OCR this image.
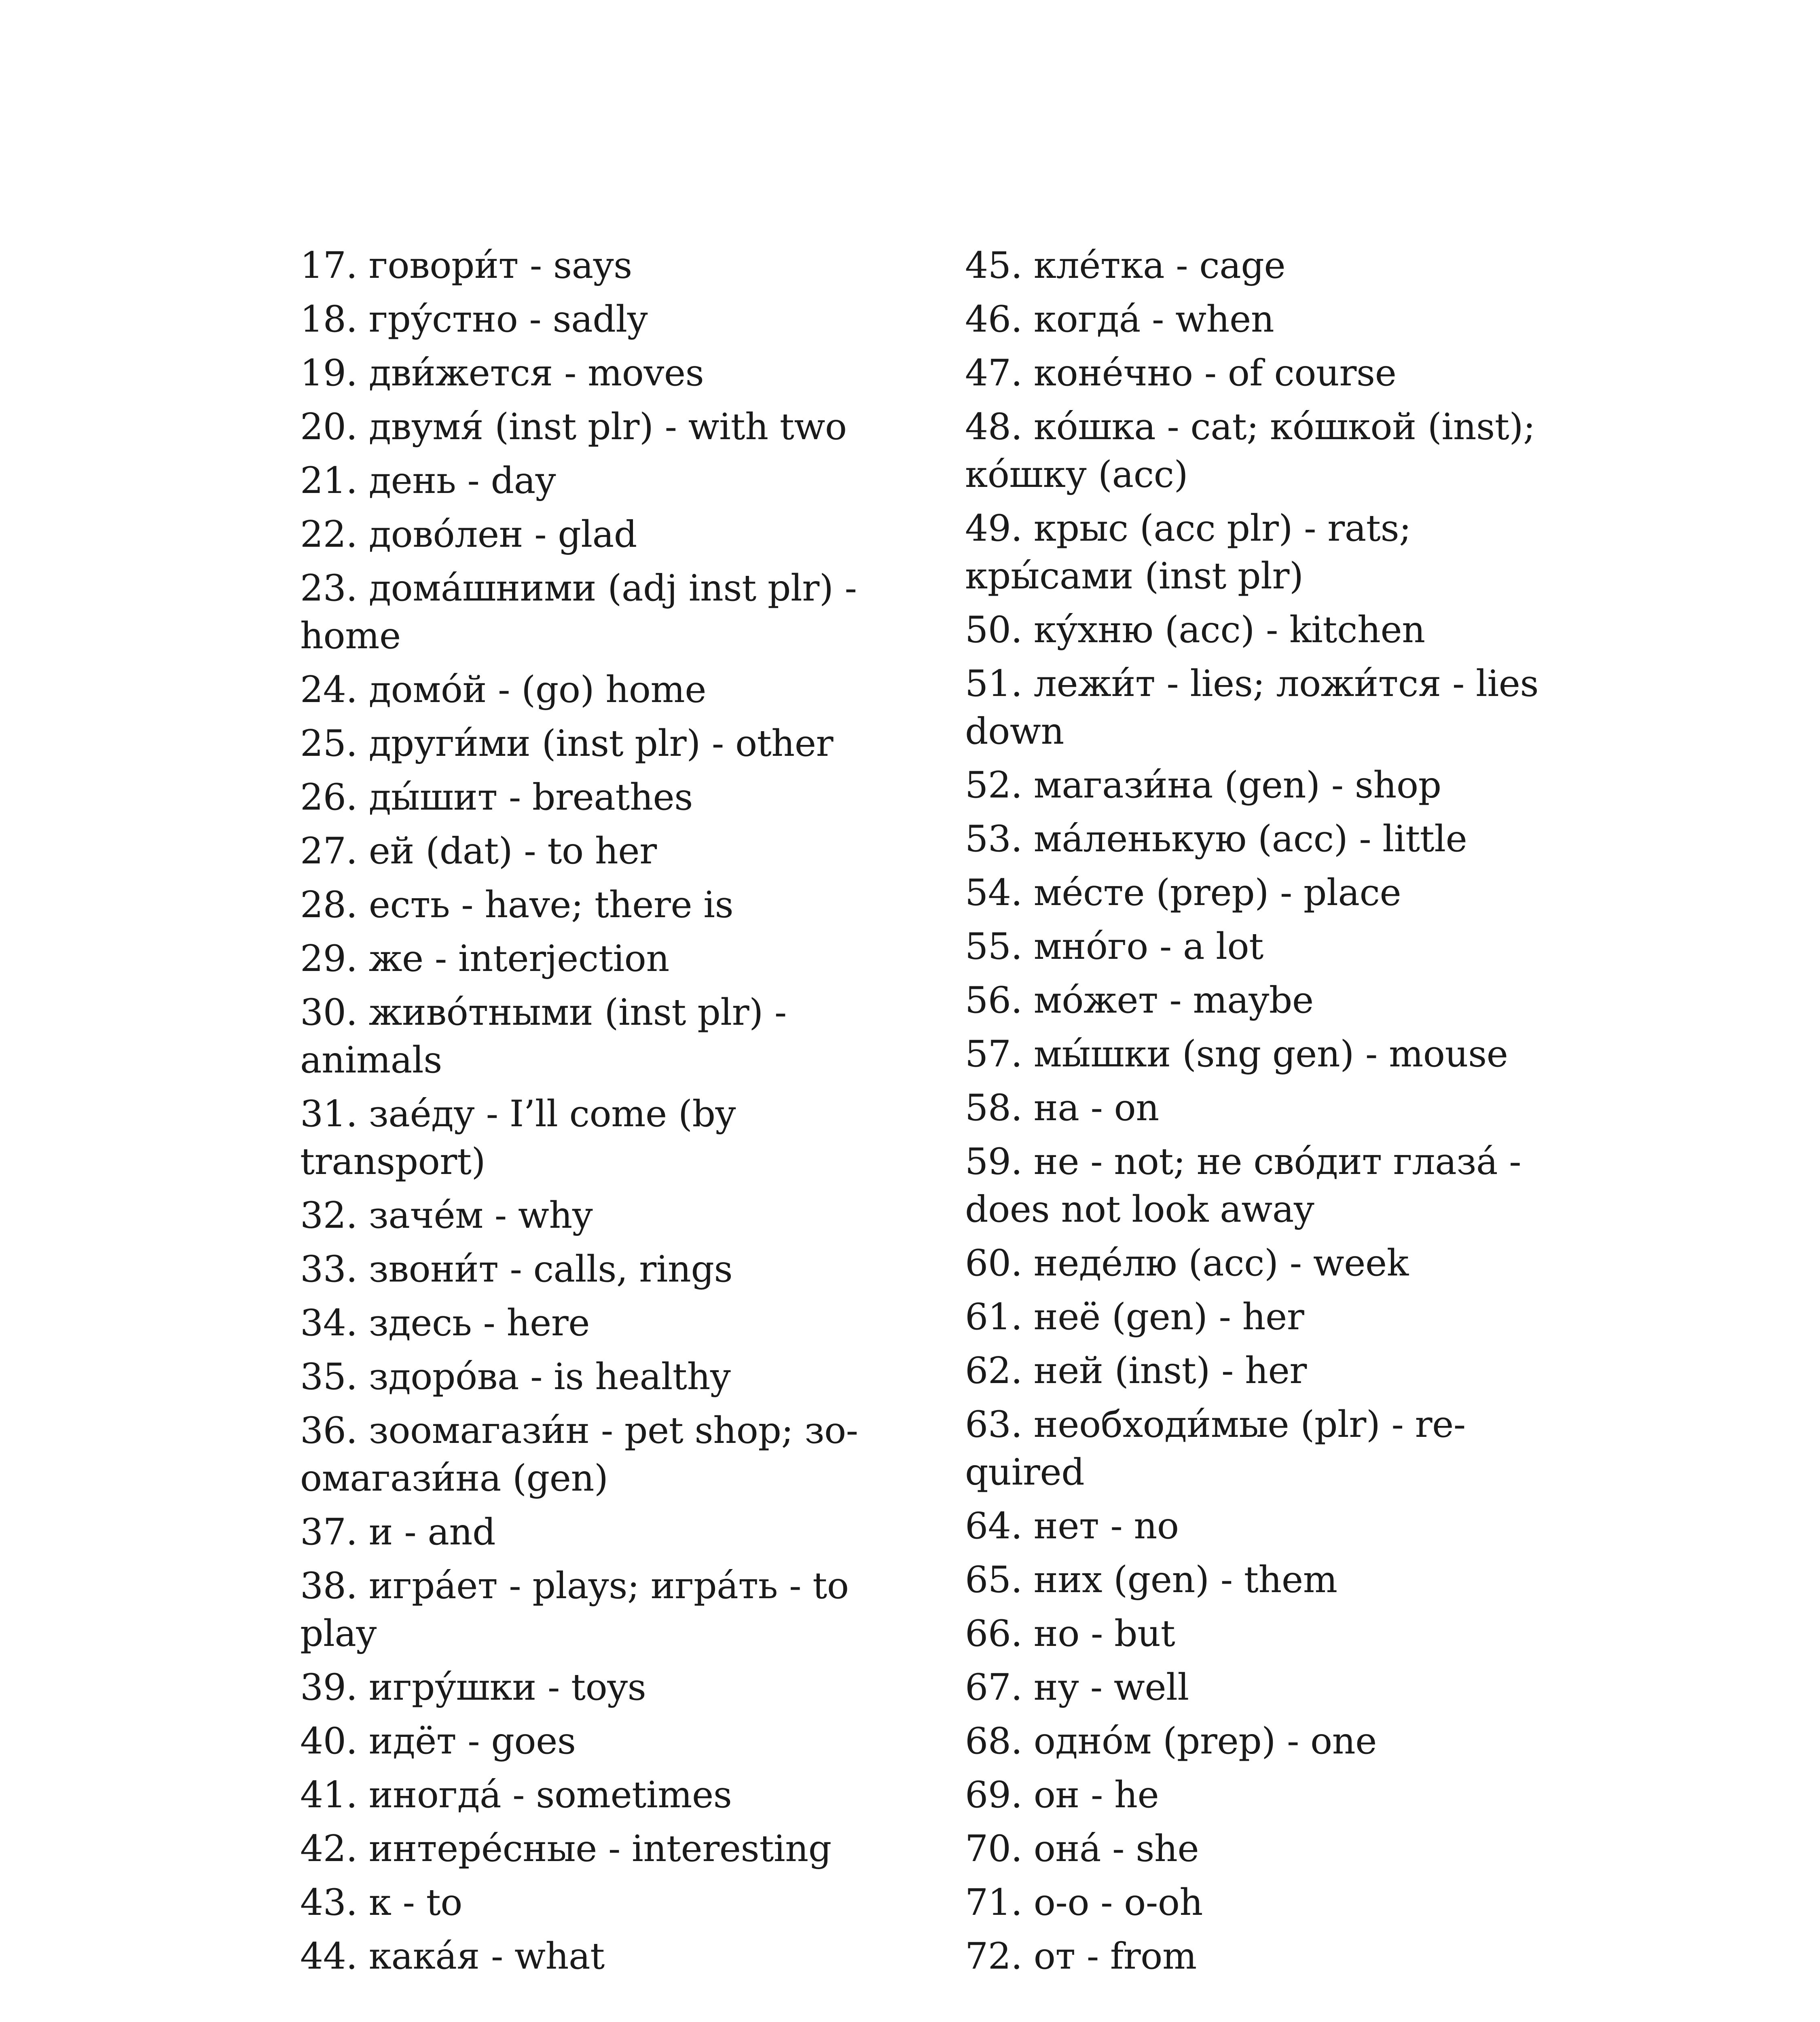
17. говори́т - says

18. гру́стно - sadly

19. дви́жется - moves

20. двумя́ (inst plr) - with two

21. день - day

22. дово́лен - glad

23. дома́шними (adj inst plr) - home

24. домо́й - (go) home

25. други́ми (inst plr) - other

26. ды́шит - breathes

27. ей (dat) - to her

28. есть - have; there is

29. же - interjection

30. живо́тными (inst plr) - animals

31. зае́ду - I’ll come (by transport)

32. заче́м - why

33. звони́т - calls, rings

34. здесь - here

35. здоро́ва - is healthy

36. зоомагази́н - pet shop; зо-омагази́на (gen)

37. и - and

38. игра́ет - plays; игра́ть - to play

39. игру́шки - toys

40. идёт - goes

41. иногда́ - sometimes

42. интере́сные - interesting

43. к - to

44. кака́я - what

45. кле́тка - cage

46. когда́ - when

47. коне́чно - of course

48. ко́шка - cat; ко́шкой (inst); ко́шку (acc)

49. крыс (acc plr) - rats; кры́сами (inst plr)

50. ку́хню (acc) - kitchen

51. лежи́т - lies; ложи́тся - lies down

52. магази́на (gen) - shop

53. ма́ленькую (acc) - little

54. ме́сте (prep) - place

55. мно́го - a lot

56. мо́жет - maybe

57. мы́шки (sng gen) - mouse

58. на - on

59. не - not; не сво́дит глаза́ - does not look away

60. неде́лю (acc) - week

61. неё (gen) - her

62. ней (inst) - her

63. необходи́мые (plr) - re-quired

64. нет - no

65. них (gen) - them

66. но - but

67. ну - well

68. одно́м (prep) - one

69. он - he

70. она́ - she

71. о-о - о-oh

72. от - from
